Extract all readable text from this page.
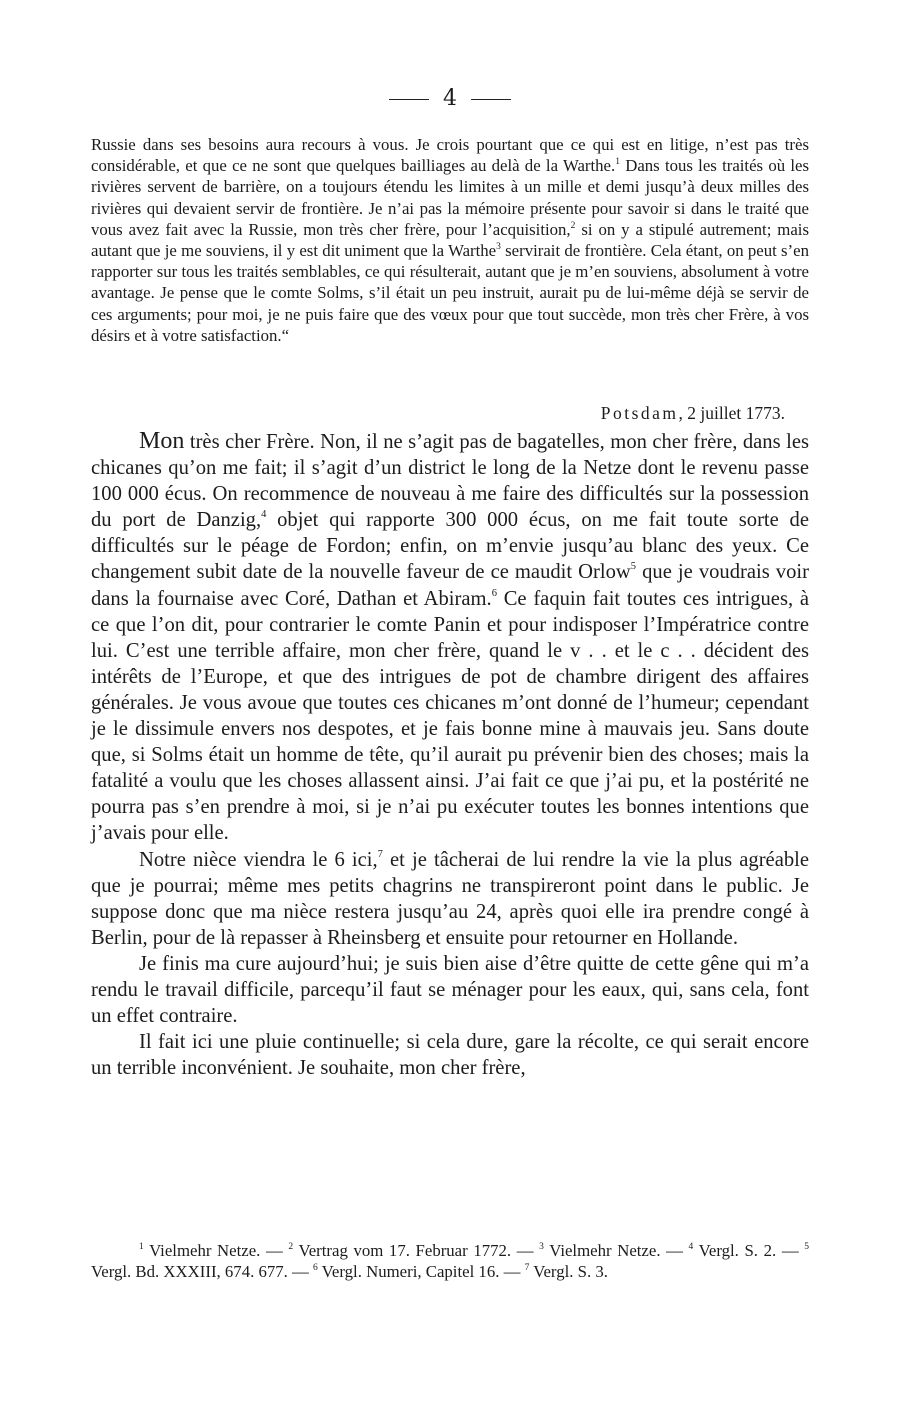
4

Russie dans ses besoins aura recours à vous. Je crois pourtant que ce qui est en litige, n’est pas très considérable, et que ce ne sont que quelques bailliages au delà de la Warthe.$^1$ Dans tous les traités où les rivières servent de barrière, on a toujours étendu les limites à un mille et demi jusqu’à deux milles des rivières qui devaient servir de frontière. Je n’ai pas la mémoire présente pour savoir si dans le traité que vous avez fait avec la Russie, mon très cher frère, pour l’acquisition,$^2$ si on y a stipulé autrement; mais autant que je me souviens, il y est dit uniment que la Warthe$^3$ servirait de frontière. Cela étant, on peut s’en rapporter sur tous les traités semblables, ce qui résulterait, autant que je m’en souviens, absolument à votre avantage. Je pense que le comte Solms, s’il était un peu instruit, aurait pu de lui-même déjà se servir de ces arguments; pour moi, je ne puis faire que des vœux pour que tout succède, mon très cher Frère, à vos désirs et à votre satisfaction.“

Potsdam, 2 juillet 1773.

Mon très cher Frère. Non, il ne s’agit pas de bagatelles, mon cher frère, dans les chicanes qu’on me fait; il s’agit d’un district le long de la Netze dont le revenu passe 100 000 écus. On recommence de nouveau à me faire des difficultés sur la possession du port de Danzig,$^4$ objet qui rapporte 300 000 écus, on me fait toute sorte de difficultés sur le péage de Fordon; enfin, on m’envie jusqu’au blanc des yeux. Ce changement subit date de la nouvelle faveur de ce maudit Orlow$^5$ que je voudrais voir dans la fournaise avec Coré, Dathan et Abiram.$^6$ Ce faquin fait toutes ces intrigues, à ce que l’on dit, pour contrarier le comte Panin et pour indisposer l’Impératrice contre lui. C’est une terrible affaire, mon cher frère, quand le v . . et le c . . décident des intérêts de l’Europe, et que des intrigues de pot de chambre dirigent des affaires générales. Je vous avoue que toutes ces chicanes m’ont donné de l’humeur; cependant je le dissimule envers nos despotes, et je fais bonne mine à mauvais jeu. Sans doute que, si Solms était un homme de tête, qu’il aurait pu prévenir bien des choses; mais la fatalité a voulu que les choses allassent ainsi. J’ai fait ce que j’ai pu, et la postérité ne pourra pas s’en prendre à moi, si je n’ai pu exécuter toutes les bonnes intentions que j’avais pour elle.

Notre nièce viendra le 6 ici,$^7$ et je tâcherai de lui rendre la vie la plus agréable que je pourrai; même mes petits chagrins ne transpireront point dans le public. Je suppose donc que ma nièce restera jusqu’au 24, après quoi elle ira prendre congé à Berlin, pour de là repasser à Rheinsberg et ensuite pour retourner en Hollande.

Je finis ma cure aujourd’hui; je suis bien aise d’être quitte de cette gêne qui m’a rendu le travail difficile, parcequ’il faut se ménager pour les eaux, qui, sans cela, font un effet contraire.

Il fait ici une pluie continuelle; si cela dure, gare la récolte, ce qui serait encore un terrible inconvénient. Je souhaite, mon cher frère,

$^1$ Vielmehr Netze. — $^2$ Vertrag vom 17. Februar 1772. — $^3$ Vielmehr Netze. — $^4$ Vergl. S. 2. — $^5$ Vergl. Bd. XXXIII, 674. 677. — $^6$ Vergl. Numeri, Capitel 16. — $^7$ Vergl. S. 3.
